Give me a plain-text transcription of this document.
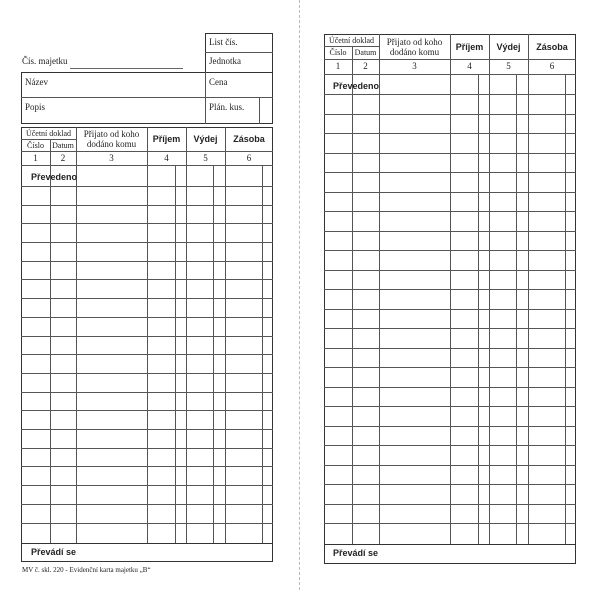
Čís. majetku
List čís.
Jednotka
Název	Cena
Popis	Plán. kus.
Účetní doklad
Číslo	Datum
Přijato od koho
dodáno komu	Příjem	Výdej	Zásoba
1	2	3	4	5	6
Převedeno
Převádí se
MV č. skl. 220 - Evidenční karta majetku „B“
Účetní doklad
Číslo	Datum
Přijato od koho
dodáno komu	Příjem	Výdej	Zásoba
1	2	3	4	5	6
Převedeno
Převádí se
